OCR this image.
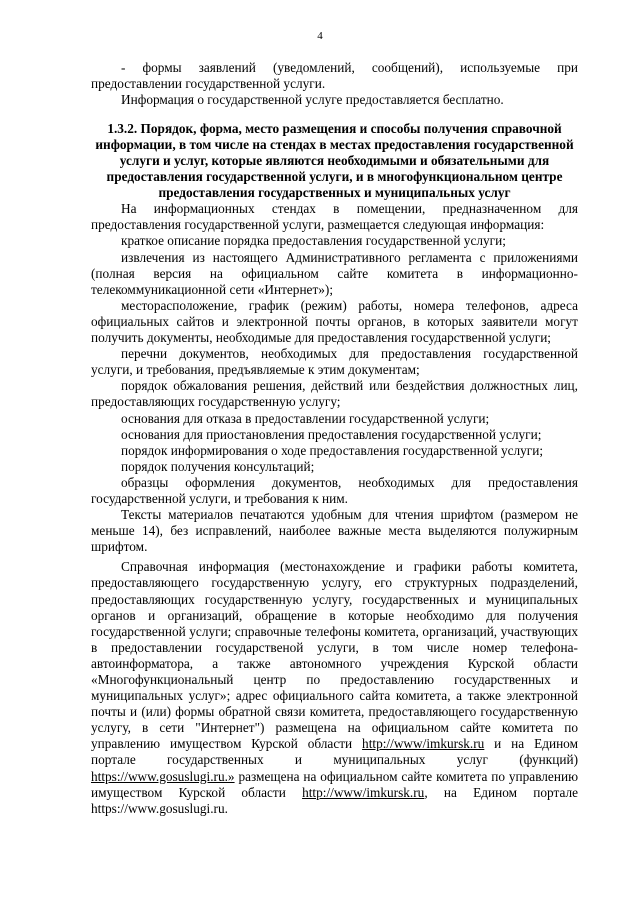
4

- формы заявлений (уведомлений, сообщений), используемые при предоставлении государственной услуги.

Информация о государственной услуге предоставляется бесплатно.

1.3.2. Порядок, форма, место размещения и способы получения справочной информации, в том числе на стендах в местах предоставления государственной услуги и услуг, которые являются необходимыми и обязательными для предоставления государственной услуги, и в многофункциональном центре предоставления государственных и муниципальных услуг

На информационных стендах в помещении, предназначенном для предоставления государственной услуги, размещается следующая информация:

краткое описание порядка предоставления государственной услуги;

извлечения из настоящего Административного регламента с приложениями (полная версия на официальном сайте комитета в информационно-телекоммуникационной сети «Интернет»);

месторасположение, график (режим) работы, номера телефонов, адреса официальных сайтов и электронной почты органов, в которых заявители могут получить документы, необходимые для предоставления государственной услуги;

перечни документов, необходимых для предоставления государственной услуги, и требования, предъявляемые к этим документам;

порядок обжалования решения, действий или бездействия должностных лиц, предоставляющих государственную услугу;

основания для отказа в предоставлении государственной услуги;

основания для приостановления предоставления государственной услуги;

порядок информирования о ходе предоставления государственной услуги;

порядок получения консультаций;

образцы оформления документов, необходимых для предоставления государственной услуги, и требования к ним.

Тексты материалов печатаются удобным для чтения шрифтом (размером не меньше 14), без исправлений, наиболее важные места выделяются полужирным шрифтом.

Справочная информация (местонахождение и графики работы комитета, предоставляющего государственную услугу, его структурных подразделений, предоставляющих государственную услугу, государственных и муниципальных органов и организаций, обращение в которые необходимо для получения государственной услуги; справочные телефоны комитета, организаций, участвующих в предоставлении государственой услуги, в том числе номер телефона-автоинформатора, а также автономного учреждения Курской области «Многофункциональный центр по предоставлению государственных и муниципальных услуг»; адрес официального сайта комитета, а также электронной почты и (или) формы обратной связи комитета, предоставляющего государственную услугу, в сети "Интернет") размещена на официальном сайте комитета по управлению имуществом Курской области http://www/imkursk.ru и на Едином портале государственных и муниципальных услуг (функций) https://www.gosuslugi.ru.» размещена на официальном сайте комитета по управлению имуществом Курской области http://www/imkursk.ru, на Едином портале https://www.gosuslugi.ru.
